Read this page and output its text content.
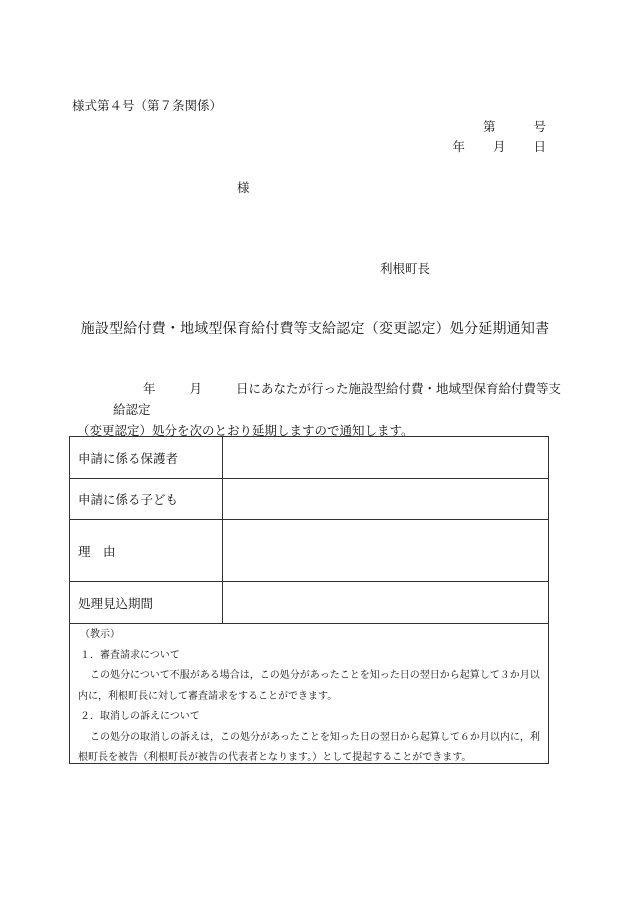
様式第４号（第７条関係）
第	号
年 月 日
様
利根町長
施設型給付費・地域型保育給付費等支給認定（変更認定）処分延期通知書
年	月	日にあなたが行った施設型給付費・地域型保育給付費等支給認定
（変更認定）処分を次のとおり延期しますので通知します。
申請に係る保護者	
申請に係る子ども	
理　由	
処理見込期間	
（教示）
１．審査請求について
この処分について不服がある場合は，この処分があったことを知った日の翌日から起算して３か月以
内に，利根町長に対して審査請求をすることができます。
２．取消しの訴えについて
この処分の取消しの訴えは，この処分があったことを知った日の翌日から起算して６か月以内に，利
根町長を被告（利根町長が被告の代表者となります。）として提起することができます。
